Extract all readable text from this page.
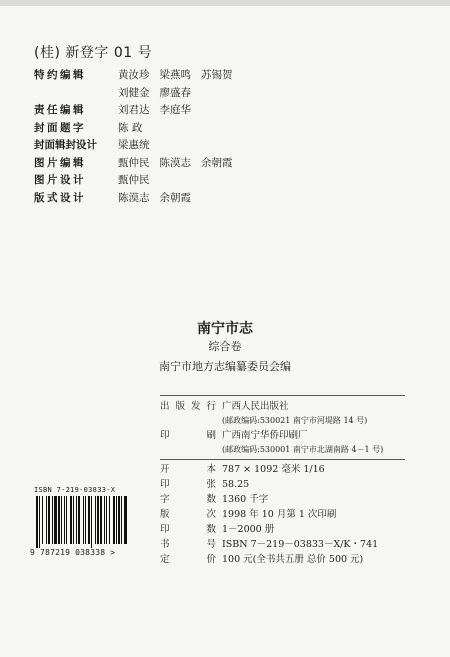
(桂) 新登字 01 号
特约编辑	黄汝珍 梁燕鸣 苏锡贺
刘健金 廖盛春
责任编辑	刘君达 李庭华
封面题字	陈 政
封面辑封设计	梁惠统
图片编辑	甄仲民 陈漠志 余朝霞
图片设计	甄仲民
版式设计	陈漠志 余朝霞
南宁市志
综合卷
南宁市地方志编纂委员会编
出版发行 广西人民出版社
(邮政编码:530021 南宁市河堤路 14 号)
印　　刷 广西南宁华侨印刷厂
(邮政编码:530001 南宁市北湖南路 4－1 号)
开　　本 787 × 1092 毫米 1/16
印　　张 58.25
字　　数 1360 千字
版　　次 1998 年 10 月第 1 次印刷
印　　数 1－2000 册
书　　号 ISBN 7－219－03833－X/K・741
定　　价 100 元(全书共五册 总价 500 元)
ISBN 7-219-03833-X
9 787219 038338 >
